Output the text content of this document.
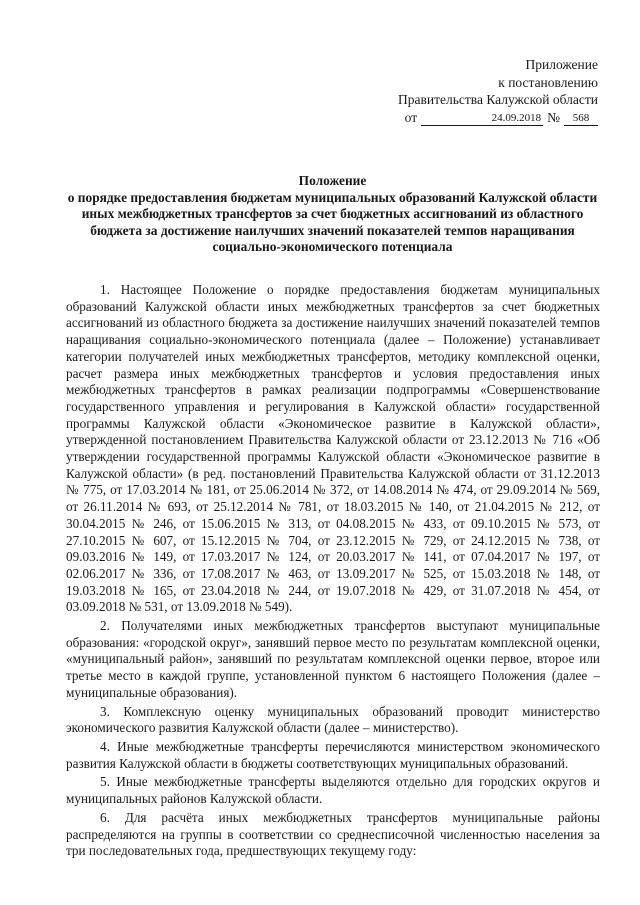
Приложение
к постановлению
Правительства Калужской области
от	24.09.2018 №	568
Положение
о порядке предоставления бюджетам муниципальных образований Калужской области иных межбюджетных трансфертов за счет бюджетных ассигнований из областного бюджета за достижение наилучших значений показателей темпов наращивания социально-экономического потенциала

1. Настоящее Положение о порядке предоставления бюджетам муниципальных образований Калужской области иных межбюджетных трансфертов за счет бюджетных ассигнований из областного бюджета за достижение наилучших значений показателей темпов наращивания социально-экономического потенциала (далее – Положение) устанавливает категории получателей иных межбюджетных трансфертов, методику комплексной оценки, расчет размера иных межбюджетных трансфертов и условия предоставления иных межбюджетных трансфертов в рамках реализации подпрограммы «Совершенствование государственного управления и регулирования в Калужской области» государственной программы Калужской области «Экономическое развитие в Калужской области», утвержденной постановлением Правительства Калужской области от 23.12.2013 № 716 «Об утверждении государственной программы Калужской области «Экономическое развитие в Калужской области» (в ред. постановлений Правительства Калужской области от 31.12.2013 № 775, от 17.03.2014 № 181, от 25.06.2014 № 372, от 14.08.2014 № 474, от 29.09.2014 № 569, от 26.11.2014 № 693, от 25.12.2014 № 781, от 18.03.2015 № 140, от 21.04.2015 № 212, от 30.04.2015 № 246, от 15.06.2015 № 313, от 04.08.2015 № 433, от 09.10.2015 № 573, от 27.10.2015 № 607, от 15.12.2015 № 704, от 23.12.2015 № 729, от 24.12.2015 № 738, от 09.03.2016 № 149, от 17.03.2017 № 124, от 20.03.2017 № 141, от 07.04.2017 № 197, от 02.06.2017 № 336, от 17.08.2017 № 463, от 13.09.2017 № 525, от 15.03.2018 № 148, от 19.03.2018 № 165, от 23.04.2018 № 244, от 19.07.2018 № 429, от 31.07.2018 № 454, от 03.09.2018 № 531, от 13.09.2018 № 549).

2. Получателями иных межбюджетных трансфертов выступают муниципальные образования: «городской округ», занявший первое место по результатам комплексной оценки, «муниципальный район», занявший по результатам комплексной оценки первое, второе или третье место в каждой группе, установленной пунктом 6 настоящего Положения (далее – муниципальные образования).

3. Комплексную оценку муниципальных образований проводит министерство экономического развития Калужской области (далее – министерство).

4. Иные межбюджетные трансферты перечисляются министерством экономического развития Калужской области в бюджеты соответствующих муниципальных образований.

5. Иные межбюджетные трансферты выделяются отдельно для городских округов и муниципальных районов Калужской области.

6. Для расчёта иных межбюджетных трансфертов муниципальные районы распределяются на группы в соответствии со среднесписочной численностью населения за три последовательных года, предшествующих текущему году:
